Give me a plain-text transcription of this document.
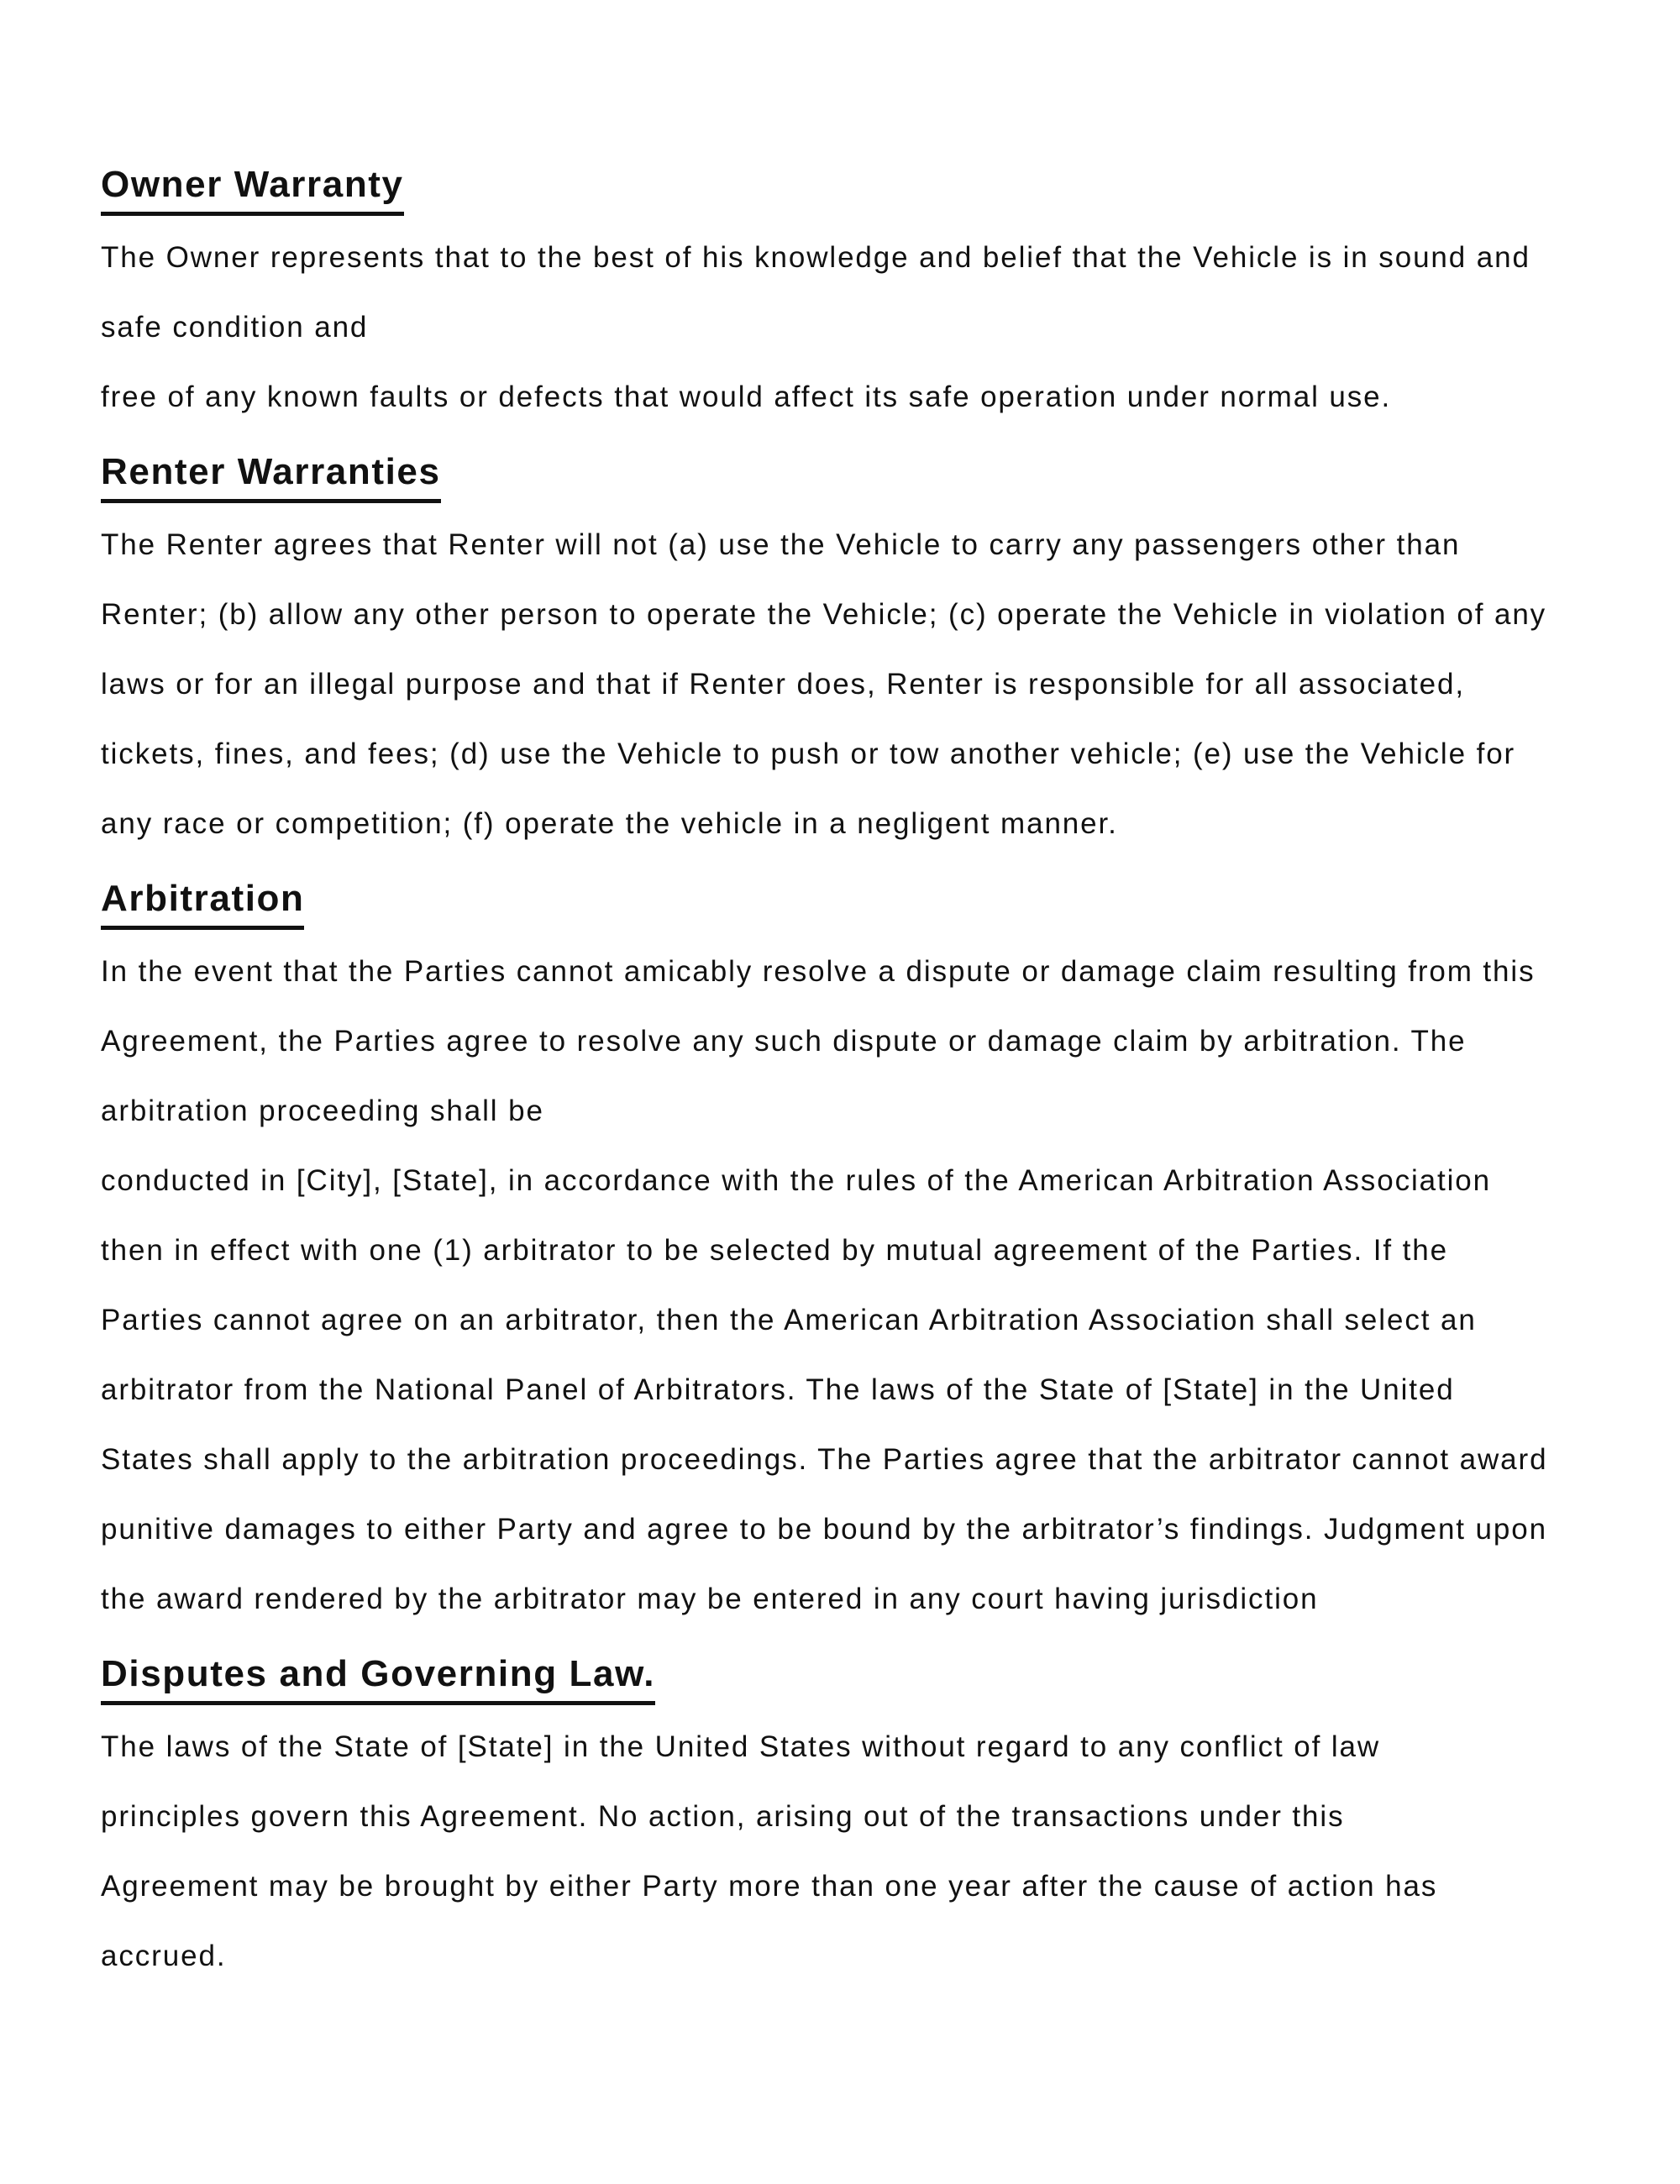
Owner Warranty

The Owner represents that to the best of his knowledge and belief that the Vehicle is in sound and
safe condition and
free of any known faults or defects that would affect its safe operation under normal use.

Renter Warranties

The Renter agrees that Renter will not (a) use the Vehicle to carry any passengers other than
Renter; (b) allow any other person to operate the Vehicle; (c) operate the Vehicle in violation of any
laws or for an illegal purpose and that if Renter does, Renter is responsible for all associated,
tickets, fines, and fees; (d) use the Vehicle to push or tow another vehicle; (e) use the Vehicle for
any race or competition; (f) operate the vehicle in a negligent manner.

Arbitration

In the event that the Parties cannot amicably resolve a dispute or damage claim resulting from this
Agreement, the Parties agree to resolve any such dispute or damage claim by arbitration. The
arbitration proceeding shall be
conducted in [City], [State], in accordance with the rules of the American Arbitration Association
then in effect with one (1) arbitrator to be selected by mutual agreement of the Parties. If the
Parties cannot agree on an arbitrator, then the American Arbitration Association shall select an
arbitrator from the National Panel of Arbitrators. The laws of the State of [State] in the United
States shall apply to the arbitration proceedings. The Parties agree that the arbitrator cannot award
punitive damages to either Party and agree to be bound by the arbitrator’s findings. Judgment upon
the award rendered by the arbitrator may be entered in any court having jurisdiction

Disputes and Governing Law.

The laws of the State of [State] in the United States without regard to any conflict of law
principles govern this Agreement. No action, arising out of the transactions under this
Agreement may be brought by either Party more than one year after the cause of action has
accrued.
